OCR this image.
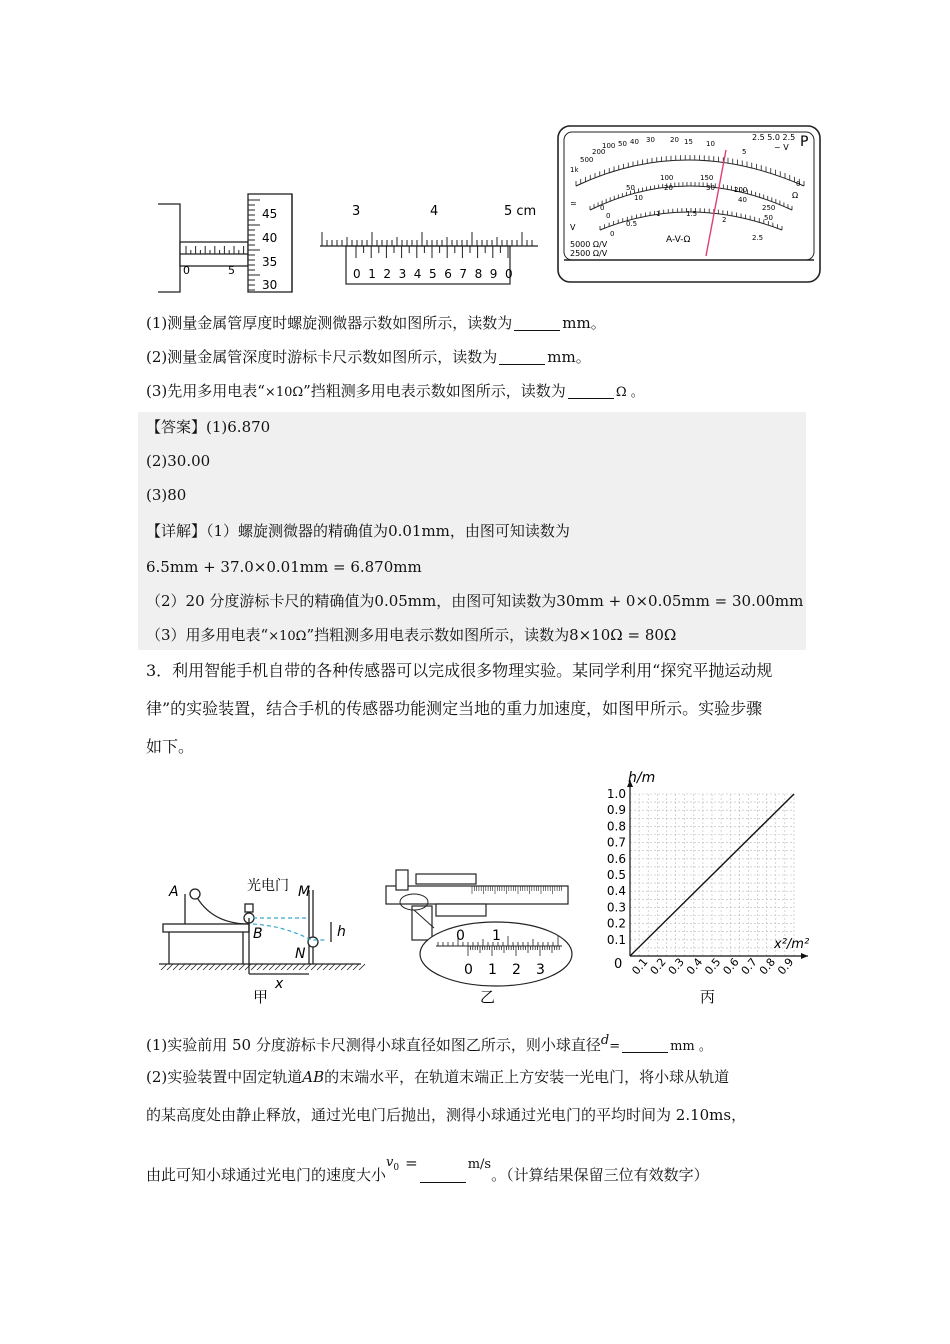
0	5
45
40
35
30
3	4	5 cm
0 1 2 3 4 5 6 7 8 9 0
1k
500
200
100 50 40 30 20 15 10
5
0
2.5 5.0 2.5
~ V P
Ω
≃
V
0
50
100	150
200
250
0
10
20	30
40
50
0
0.5
1	1.5
2
2.5
A-V-Ω
5000 Ω/V
2500 Ω/V
(1)测量金属管厚度时螺旋测微器示数如图所示，读数为	mm。
(2)测量金属管深度时游标卡尺示数如图所示，读数为	mm。
(3)先用多用电表“×10Ω”挡粗测多用电表示数如图所示，读数为	Ω 。
【答案】(1)6.870
(2)30.00
(3)80
【详解】（1）螺旋测微器的精确值为0.01mm，由图可知读数为
6.5mm + 37.0×0.01mm = 6.870mm
（2）20 分度游标卡尺的精确值为0.05mm，由图可知读数为30mm + 0×0.05mm = 30.00mm
（3）用多用电表“×10Ω”挡粗测多用电表示数如图所示，读数为8×10Ω = 80Ω
3．利用智能手机自带的各种传感器可以完成很多物理实验。某同学利用“探究平抛运动规
律”的实验装置，结合手机的传感器功能测定当地的重力加速度，如图甲所示。实验步骤
如下。
A
B
M
N
h
x
光电门
甲
0 1
0 1 2 3
乙
0.1
0.2
0.3
0.4
0.5
0.6
0.7
0.8
0.9
1.0
0.1
0.2
0.3
0.4
0.5
0.6
0.7
0.8
0.9
h/m
x²/m²
0
丙
(1)实验前用 50 分度游标卡尺测得小球直径如图乙所示，则小球直径$^d$=	mm 。
(2)实验装置中固定轨道AB的末端水平，在轨道末端正上方安装一光电门，将小球从轨道
的某高度处由静止释放，通过光电门后抛出，测得小球通过光电门的平均时间为 2.10ms，
由此可知小球通过光电门的速度大小$v^0$ =	m/s。（计算结果保留三位有效数字）
